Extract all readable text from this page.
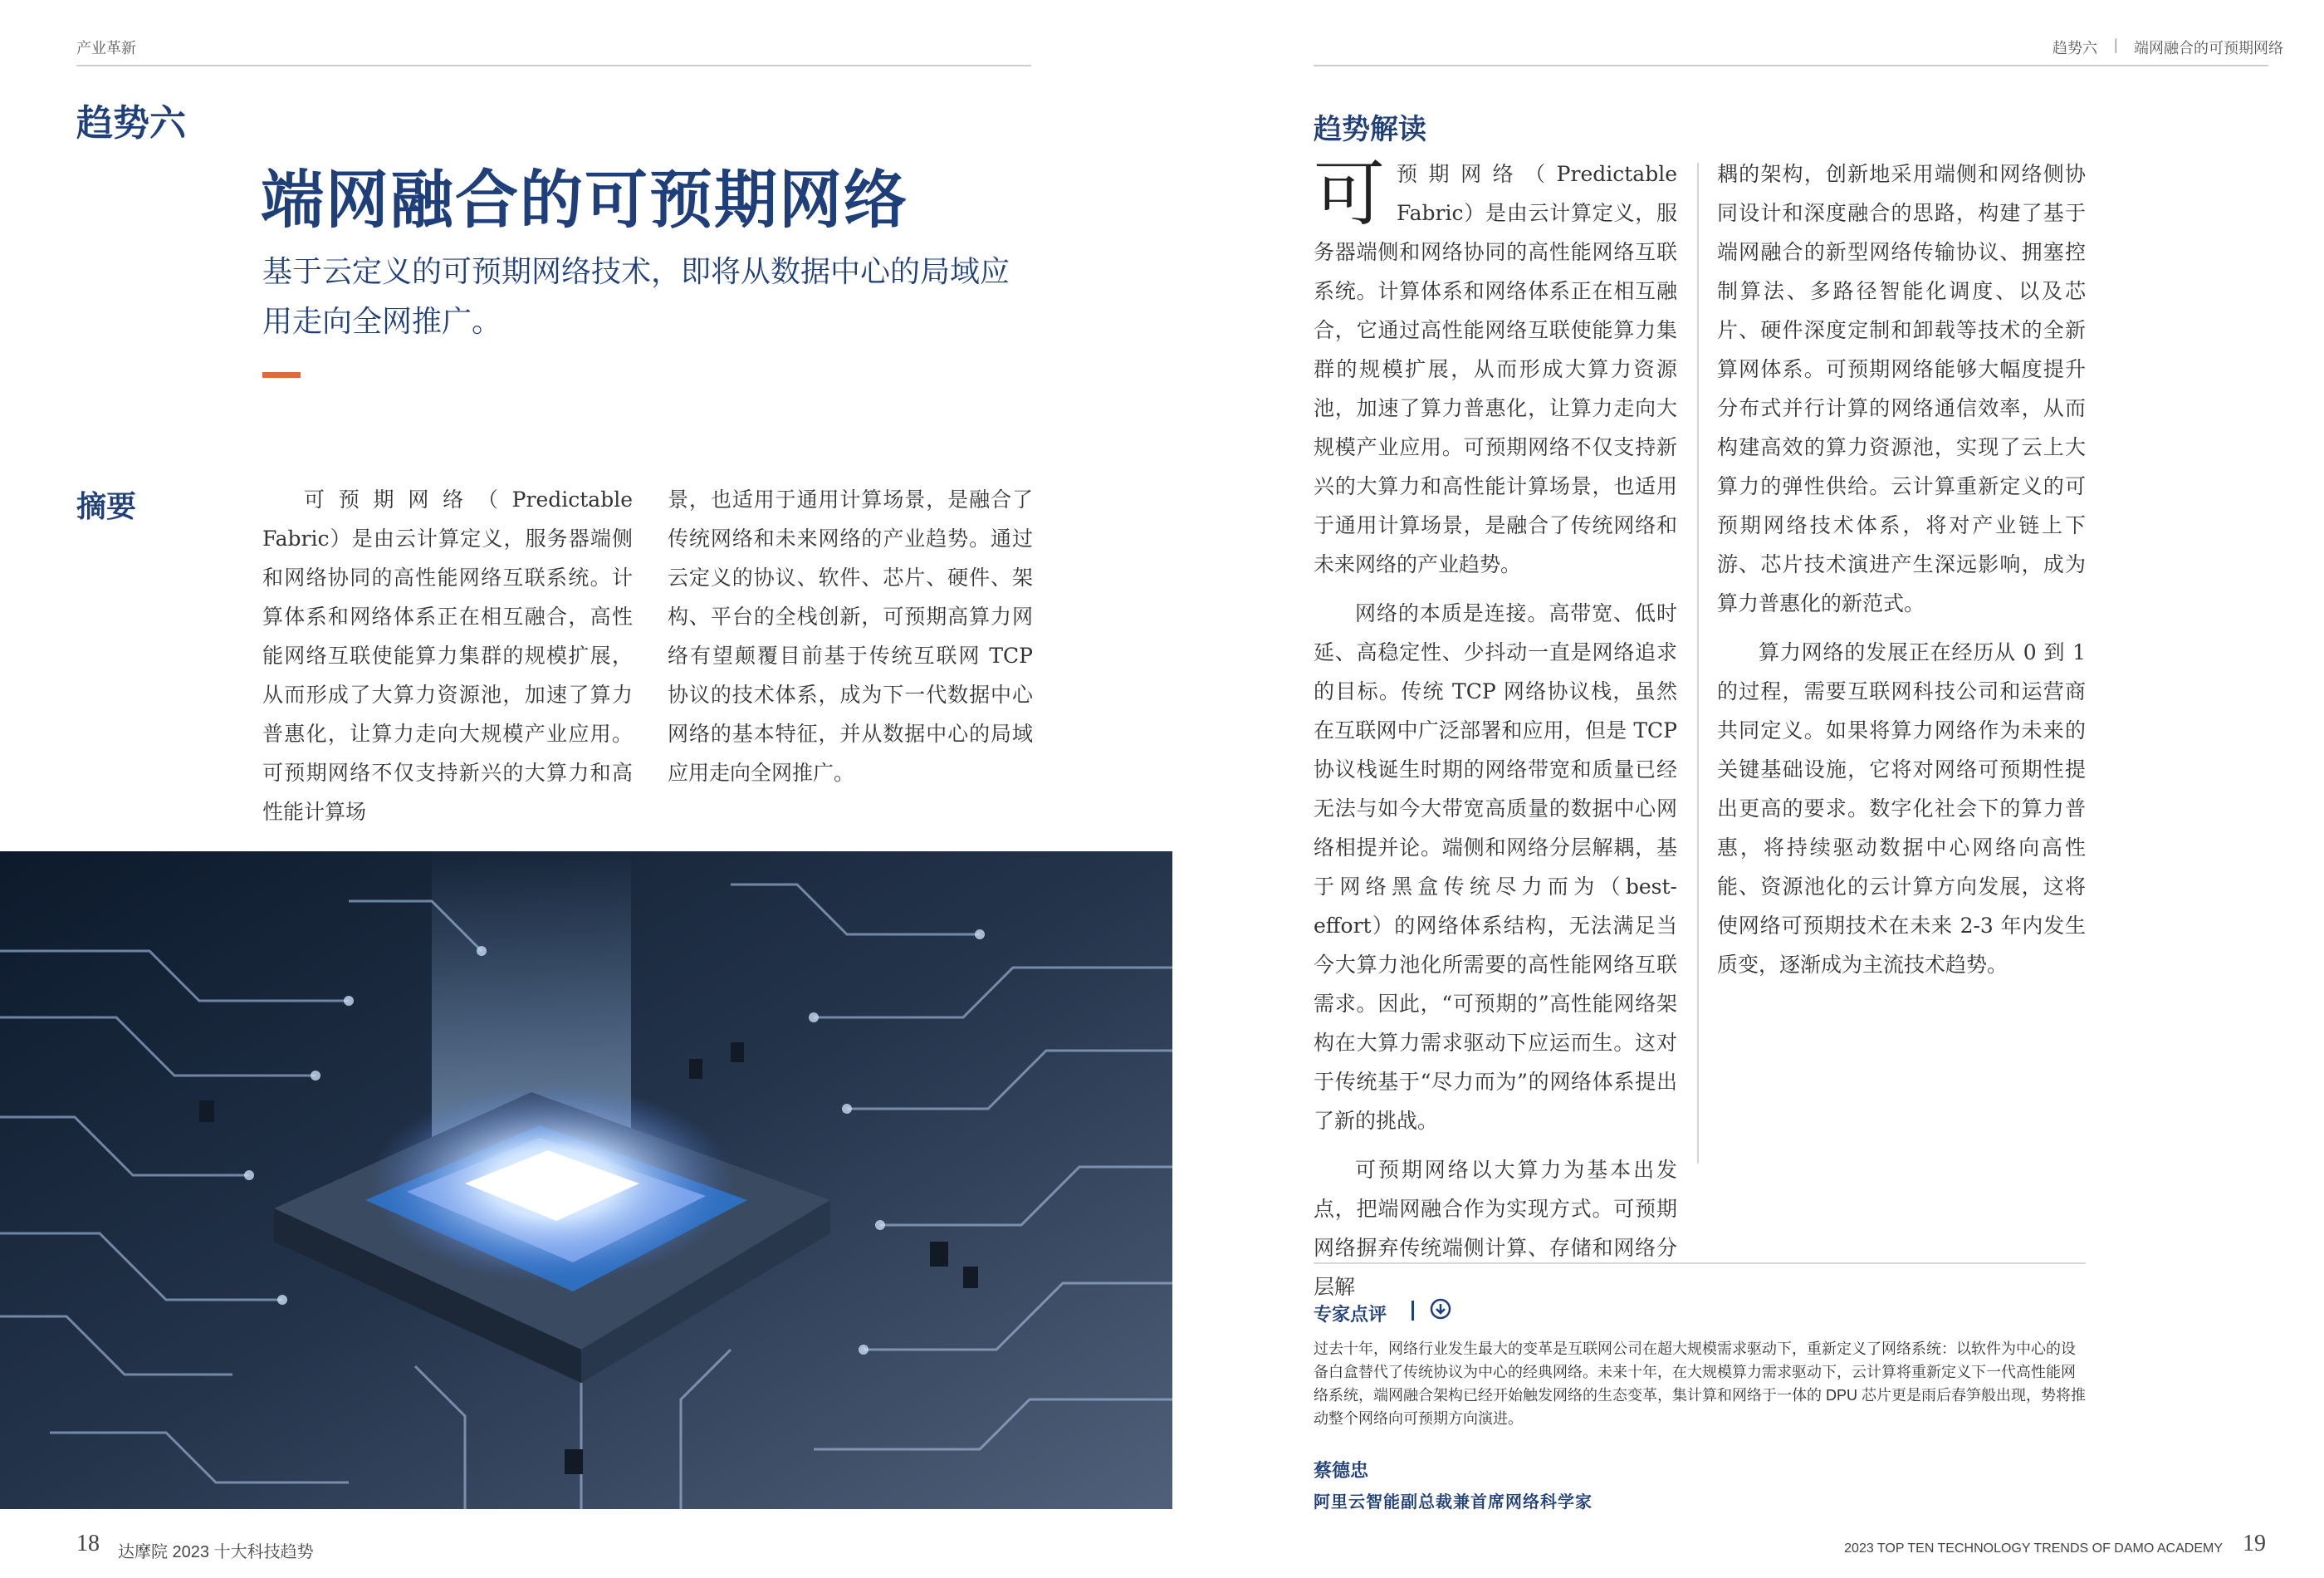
产业革新	趋势六 | 端网融合的可预期网络
趋势六
端网融合的可预期网络
基于云定义的可预期网络技术，即将从数据中心的局域应用走向全网推广。
摘要	可预期网络（Predictable Fabric）是由云计算定义，服务器端侧和网络协同的高性能网络互联系统。计算体系和网络体系正在相互融合，高性能网络互联使能算力集群的规模扩展，从而形成了大算力资源池，加速了算力普惠化，让算力走向大规模产业应用。可预期网络不仅支持新兴的大算力和高性能计算场

景，也适用于通用计算场景，是融合了传统网络和未来网络的产业趋势。通过云定义的协议、软件、芯片、硬件、架构、平台的全栈创新，可预期高算力网络有望颠覆目前基于传统互联网 TCP 协议的技术体系，成为下一代数据中心网络的基本特征，并从数据中心的局域应用走向全网推广。

趋势解读

可 预期网络（Predictable Fabric）是由云计算定义，服务器端侧和网络协同的高性能网络互联系统。计算体系和网络体系正在相互融合，它通过高性能网络互联使能算力集群的规模扩展，从而形成大算力资源池，加速了算力普惠化，让算力走向大规模产业应用。可预期网络不仅支持新兴的大算力和高性能计算场景，也适用于通用计算场景，是融合了传统网络和未来网络的产业趋势。

网络的本质是连接。高带宽、低时延、高稳定性、少抖动一直是网络追求的目标。传统 TCP 网络协议栈，虽然在互联网中广泛部署和应用，但是 TCP 协议栈诞生时期的网络带宽和质量已经无法与如今大带宽高质量的数据中心网络相提并论。端侧和网络分层解耦，基于网络黑盒传统尽力而为（best-effort）的网络体系结构，无法满足当今大算力池化所需要的高性能网络互联需求。因此，“可预期的”高性能网络架构在大算力需求驱动下应运而生。这对于传统基于“尽力而为”的网络体系提出了新的挑战。

可预期网络以大算力为基本出发点，把端网融合作为实现方式。可预期网络摒弃传统端侧计算、存储和网络分层解

耦的架构，创新地采用端侧和网络侧协同设计和深度融合的思路，构建了基于端网融合的新型网络传输协议、拥塞控制算法、多路径智能化调度、以及芯片、硬件深度定制和卸载等技术的全新算网体系。可预期网络能够大幅度提升分布式并行计算的网络通信效率，从而构建高效的算力资源池，实现了云上大算力的弹性供给。云计算重新定义的可预期网络技术体系，将对产业链上下游、芯片技术演进产生深远影响，成为算力普惠化的新范式。

算力网络的发展正在经历从 0 到 1 的过程，需要互联网科技公司和运营商共同定义。如果将算力网络作为未来的关键基础设施，它将对网络可预期性提出更高的要求。数字化社会下的算力普惠，将持续驱动数据中心网络向高性能、资源池化的云计算方向发展，这将使网络可预期技术在未来 2-3 年内发生质变，逐渐成为主流技术趋势。

专家点评
过去十年，网络行业发生最大的变革是互联网公司在超大规模需求驱动下，重新定义了网络系统：以软件为中心的设备白盒替代了传统协议为中心的经典网络。未来十年，在大规模算力需求驱动下，云计算将重新定义下一代高性能网络系统，端网融合架构已经开始触发网络的生态变革，集计算和网络于一体的 DPU 芯片更是雨后春笋般出现，势将推动整个网络向可预期方向演进。
蔡德忠
阿里云智能副总裁兼首席网络科学家
18 达摩院 2023 十大科技趋势	2023 TOP TEN TECHNOLOGY TRENDS OF DAMO ACADEMY 19
